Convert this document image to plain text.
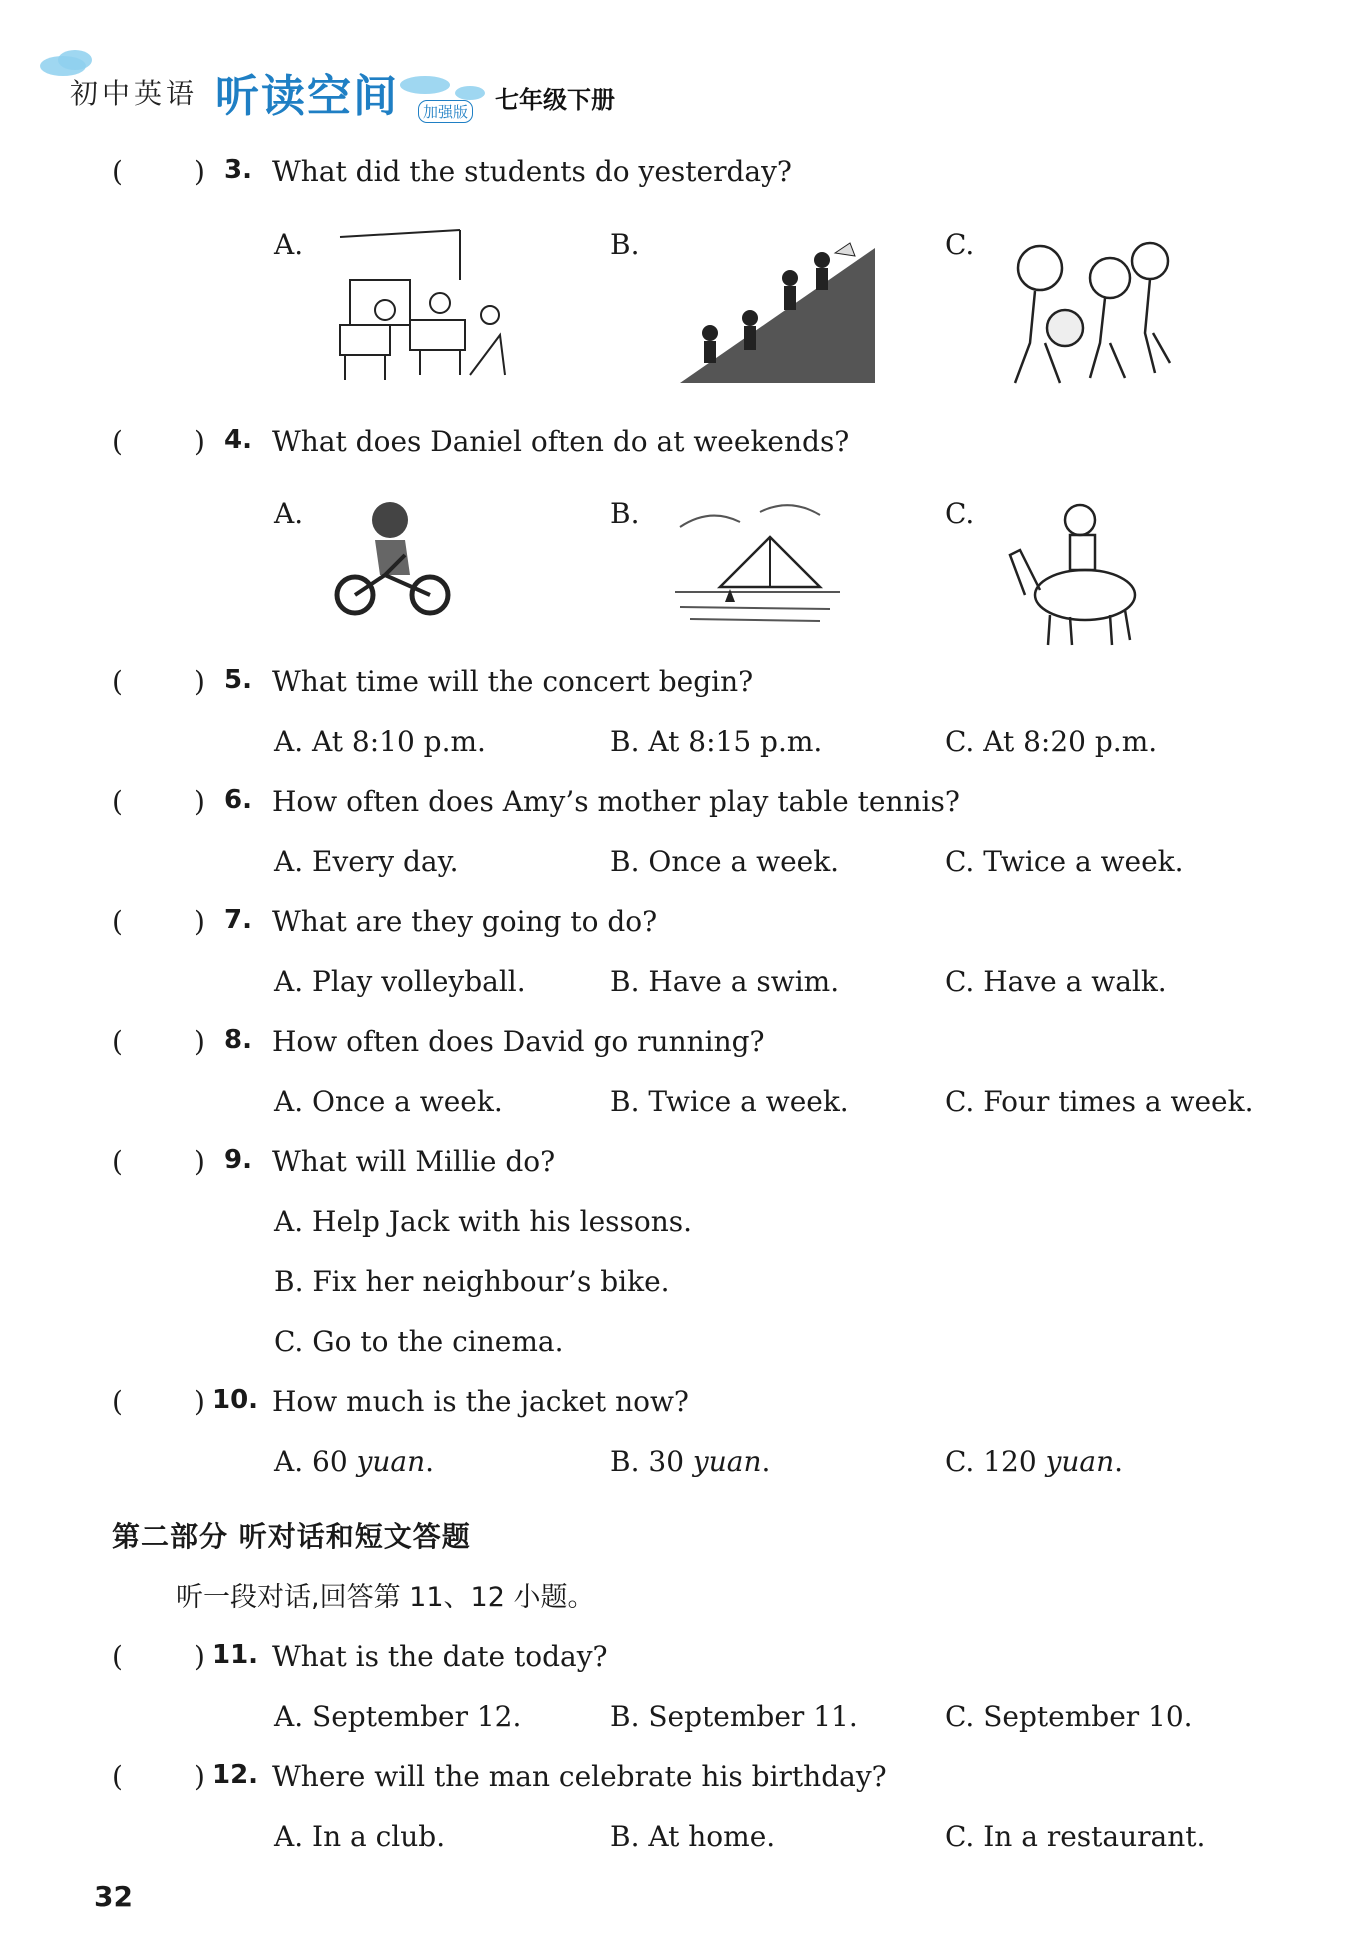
初中英语 听读空间	加强版 七年级下册
(	) 3. What did the students do yesterday?
A.	B.	C.
(	) 4. What does Daniel often do at weekends?
A.	B.	C.
(	) 5. What time will the concert begin?
A. At 8:10 p.m.	B. At 8:15 p.m.	C. At 8:20 p.m.
(	) 6. How often does Amy’s mother play table tennis?
A. Every day.	B. Once a week.	C. Twice a week.
(	) 7. What are they going to do?
A. Play volleyball.	B. Have a swim.	C. Have a walk.
(	) 8. How often does David go running?
A. Once a week.	B. Twice a week.	C. Four times a week.
(	) 9. What will Millie do?
A. Help Jack with his lessons.
B. Fix her neighbour’s bike.
C. Go to the cinema.
(	) 10. How much is the jacket now?
A. 60 yuan.	B. 30 yuan.	C. 120 yuan.
第二部分 听对话和短文答题
听一段对话,回答第 11、12 小题。
(	) 11. What is the date today?
A. September 12.	B. September 11.	C. September 10.
(	) 12. Where will the man celebrate his birthday?
A. In a club.	B. At home.	C. In a restaurant.
32
